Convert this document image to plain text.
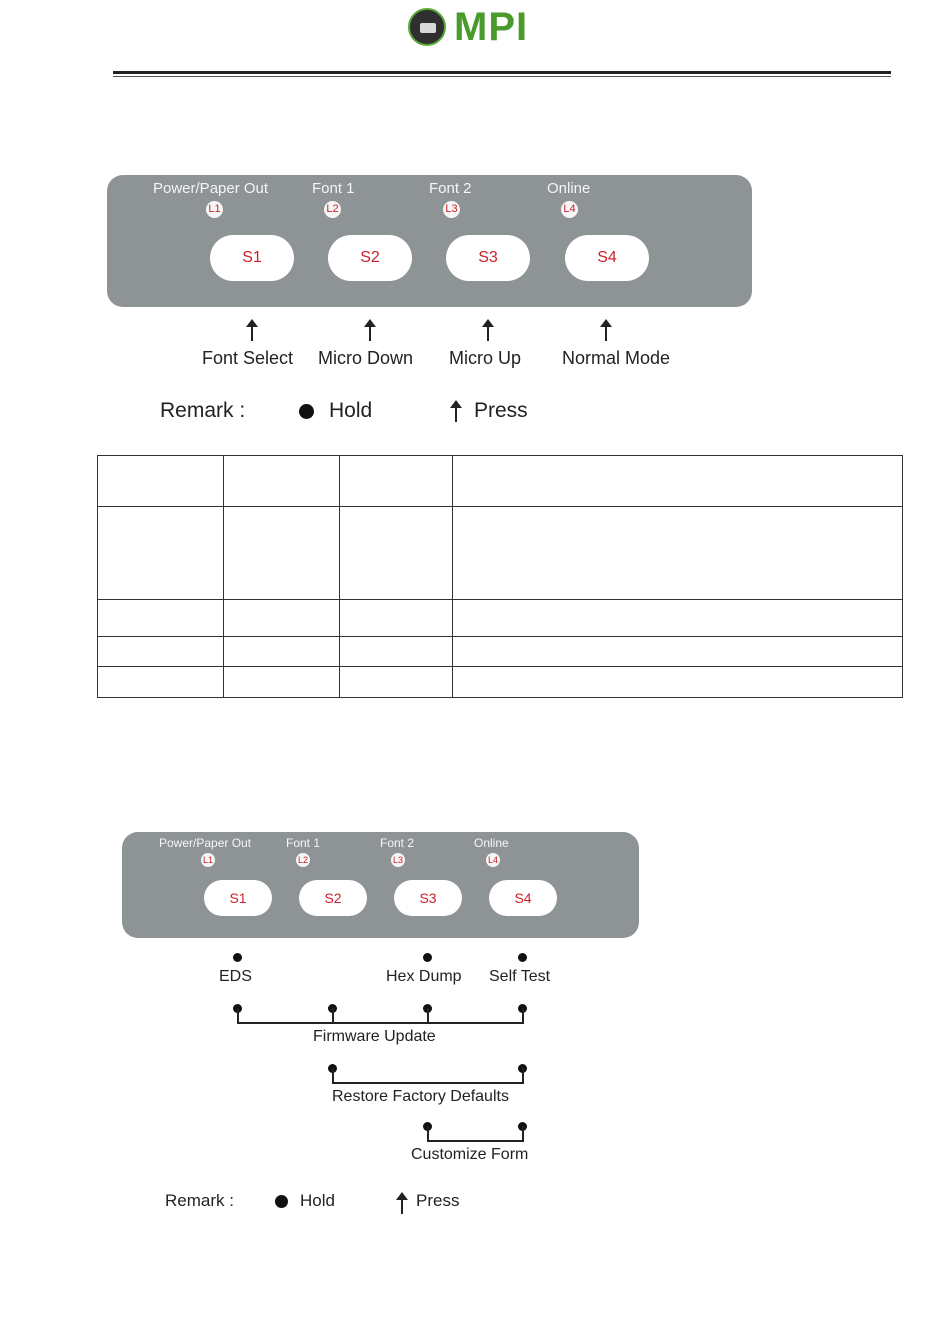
MPI
Power/Paper Out	Font 1	Font 2	Online
L1	L2	L3	L4
S1	S2	S3	S4
Font Select Micro Down Micro Up Normal Mode
Remark :	Hold	Press

Power/Paper Out	Font 1	Font 2	Online
L1	L2	L3	L4
S1	S2	S3	S4
EDS	Hex Dump Self Test
Firmware Update
Restore Factory Defaults
Customize Form
Remark :	Hold	Press
